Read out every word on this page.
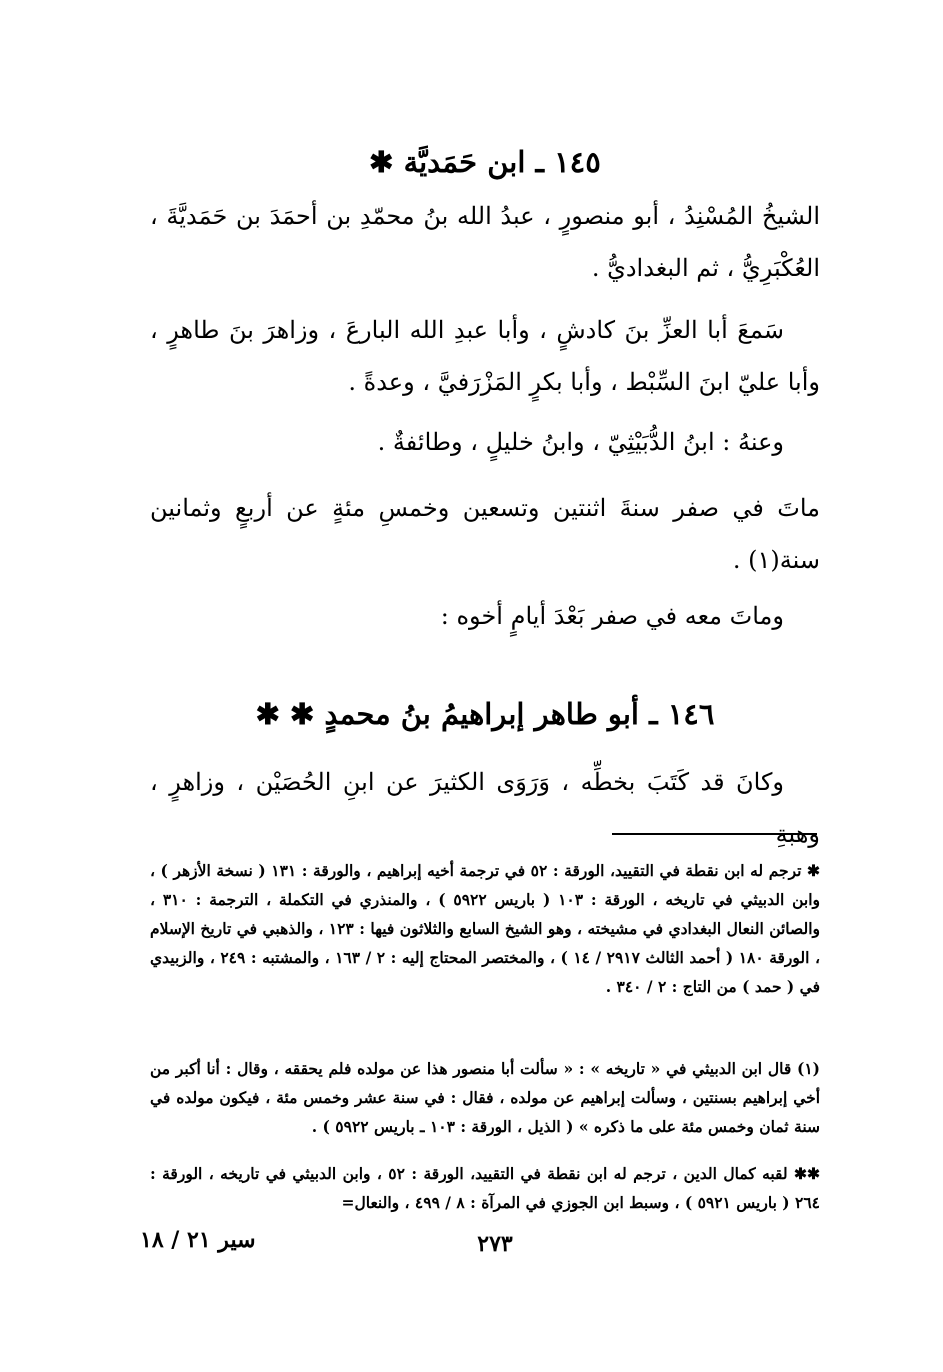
١٤٥ ـ ابن حَمَديَّة ✱
الشيخُ المُسْنِدُ ، أبو منصورٍ ، عبدُ الله بنُ محمّدِ بن أحمَدَ بن حَمَديَّةَ ، العُكْبَرِيُّ ، ثم البغداديُّ .
سَمعَ أبا العزِّ بنَ كادشٍ ، وأبا عبدِ الله البارعَ ، وزاهرَ بنَ طاهرٍ ، وأبا عليّ ابنَ السِّبْط ، وأبا بكرٍ المَزْرَفيَّ ، وعدةً .
وعنهُ : ابنُ الدُّبَيْثِيّ ، وابنُ خليلٍ ، وطائفةٌ .
ماتَ في صفر سنةَ اثنتين وتسعين وخمسِ مئةٍ عن أربعٍ وثمانين سنة(١) .
وماتَ معه في صفر بَعْدَ أيامٍ أخوه :
١٤٦ ـ أبو طاهر إبراهيمُ بنُ محمدٍ ✱ ✱
وكانَ قد كَتَبَ بخطِّه ، وَرَوَى الكثيرَ عن ابنِ الحُصَيْن ، وزاهرٍ ، وهبةِ
✱ ترجم له ابن نقطة في التقييد، الورقة : ٥٢ في ترجمة أخيه إبراهيم ، والورقة : ١٣١ ( نسخة الأزهر ) ، وابن الدبيثي في تاريخه ، الورقة : ١٠٣ ( باريس ٥٩٢٢ ) ، والمنذري في التكملة ، الترجمة : ٣١٠ ، والصائن النعال البغدادي في مشيخته ، وهو الشيخ السابع والثلاثون فيها : ١٢٣ ، والذهبي في تاريخ الإسلام ، الورقة ١٨٠ ( أحمد الثالث ٢٩١٧ / ١٤ ) ، والمختصر المحتاج إليه : ٢ / ١٦٣ ، والمشتبه : ٢٤٩ ، والزبيدي في ( حمد ) من التاج : ٢ / ٣٤٠ .
(١) قال ابن الدبيثي في « تاريخه » : « سألت أبا منصور هذا عن مولده فلم يحققه ، وقال : أنا أكبر من أخي إبراهيم بسنتين ، وسألت إبراهيم عن مولده ، فقال : في سنة عشر وخمس مئة ، فيكون مولده في سنة ثمان وخمس مئة على ما ذكره » ( الذيل ، الورقة : ١٠٣ ـ باريس ٥٩٢٢ ) .
✱✱ لقبه كمال الدين ، ترجم له ابن نقطة في التقييد، الورقة : ٥٢ ، وابن الدبيثي في تاريخه ، الورقة : ٢٦٤ ( باريس ٥٩٢١ ) ، وسبط ابن الجوزي في المرآة : ٨ / ٤٩٩ ، والنعال=
٢٧٣
سير ٢١ / ١٨
